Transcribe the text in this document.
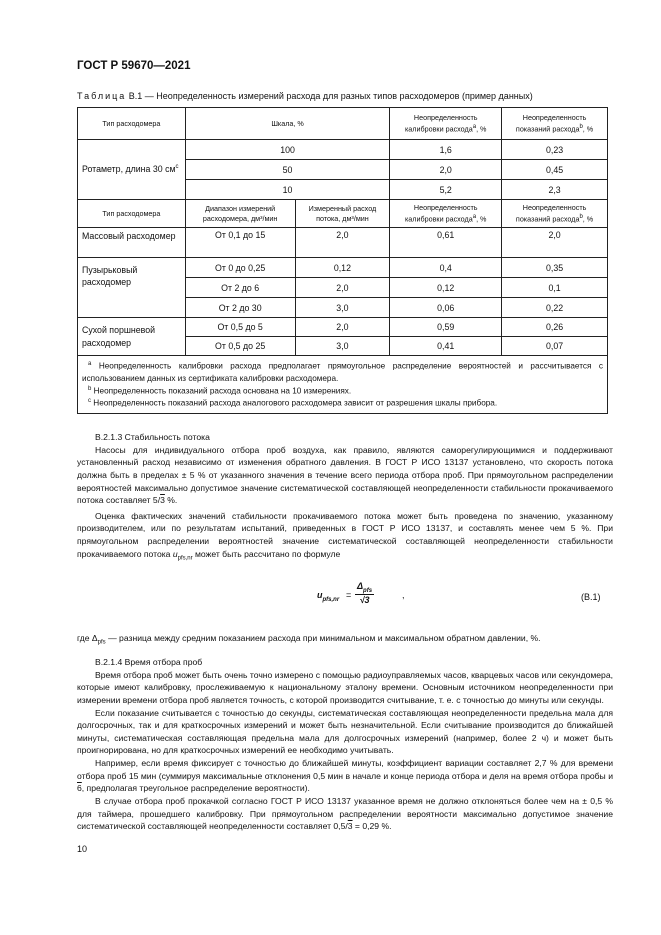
ГОСТ Р 59670—2021
Таблица В.1 — Неопределенность измерений расхода для разных типов расходомеров (пример данных)
Тип расходомера	Шкала, %		Неопределенность калибровки расхода$^a$, %	Неопределенность показаний расхода$^b$, %
Ротаметр, длина 30 $см^c$	100		1,6	0,23
	50		2,0	0,45
	10		5,2	2,3
Тип расходомера	Диапазон измерений расходомера, дм³/мин	Измеренный расход потока, дм³/мин	Неопределенность калибровки расхода$^a$, %	Неопределенность показаний расхода$^b$, %
Массовый расходомер	От 0,1 до 15	2,0	0,61	2,0
Пузырьковый расходомер	От 0 до 0,25	0,12	0,4	0,35
	От 2 до 6	2,0	0,12	0,1
	От 2 до 30	3,0	0,06	0,22
Сухой поршневой расходомер	От 0,5 до 5	2,0	0,59	0,26
	От 0,5 до 25	3,0	0,41	0,07

$^a$ Неопределенность калибровки расхода предполагает прямоугольное распределение вероятностей и рассчитывается с использованием данных из сертификата калибровки расходомера.
$^b$ Неопределенность показаний расхода основана на 10 измерениях.
$^c$ Неопределенность показаний расхода аналогового расходомера зависит от разрешения шкалы прибора.				

В.2.1.3 Стабильность потока

Насосы для индивидуального отбора проб воздуха, как правило, являются саморегулирующимися и поддерживают установленный расход независимо от изменения обратного давления. В ГОСТ Р ИСО 13137 установлено, что скорость потока должна быть в пределах ± 5 % от указанного значения в течение всего периода отбора проб. При прямоугольном распределении вероятностей максимально допустимое значение систематической составляющей неопределенности стабильности прокачиваемого потока составляет 5/3 %.

Оценка фактических значений стабильности прокачиваемого потока может быть проведена по значению, указанному производителем, или по результатам испытаний, приведенных в ГОСТ Р ИСО 13137, и составлять менее чем 5 %. При прямоугольном распределении вероятностей значение систематической составляющей неопределенности стабильности прокачиваемого потока $u_{pfs,nr}$ может быть рассчитано по формуле

$u_{pfs,nr}$ =
$\Delta_{pfs}$
√3	,	(В.1)
где $\Delta_{pfs}$ — разница между средним показанием расхода при минимальном и максимальном обратном давлении, %.

В.2.1.4 Время отбора проб

Время отбора проб может быть очень точно измерено с помощью радиоуправляемых часов, кварцевых часов или секундомера, которые имеют калибровку, прослеживаемую к национальному эталону времени. Основным источником неопределенности при измерении времени отбора проб является точность, с которой производится считывание, т. е. с точностью до минуты или секунды.

Если показание считывается с точностью до секунды, систематическая составляющая неопределенности предельна мала для долгосрочных, так и для краткосрочных измерений и может быть незначительной. Если считывание производится до ближайшей минуты, систематическая составляющая предельна мала для долгосрочных измерений (например, более 2 ч) и может быть проигнорирована, но для краткосрочных измерений ее необходимо учитывать.

Например, если время фиксирует с точностью до ближайшей минуты, коэффициент вариации составляет 2,7 % для времени отбора проб 15 мин (суммируя максимальные отклонения 0,5 мин в начале и конце периода отбора и деля на время отбора пробы и 6, предполагая треугольное распределение вероятности).

В случае отбора проб прокачкой согласно ГОСТ Р ИСО 13137 указанное время не должно отклоняться более чем на ± 0,5 % для таймера, прошедшего калибровку. При прямоугольном распределении вероятности максимально допустимое значение систематической составляющей неопределенности составляет 0,5/3 = 0,29 %.

10
